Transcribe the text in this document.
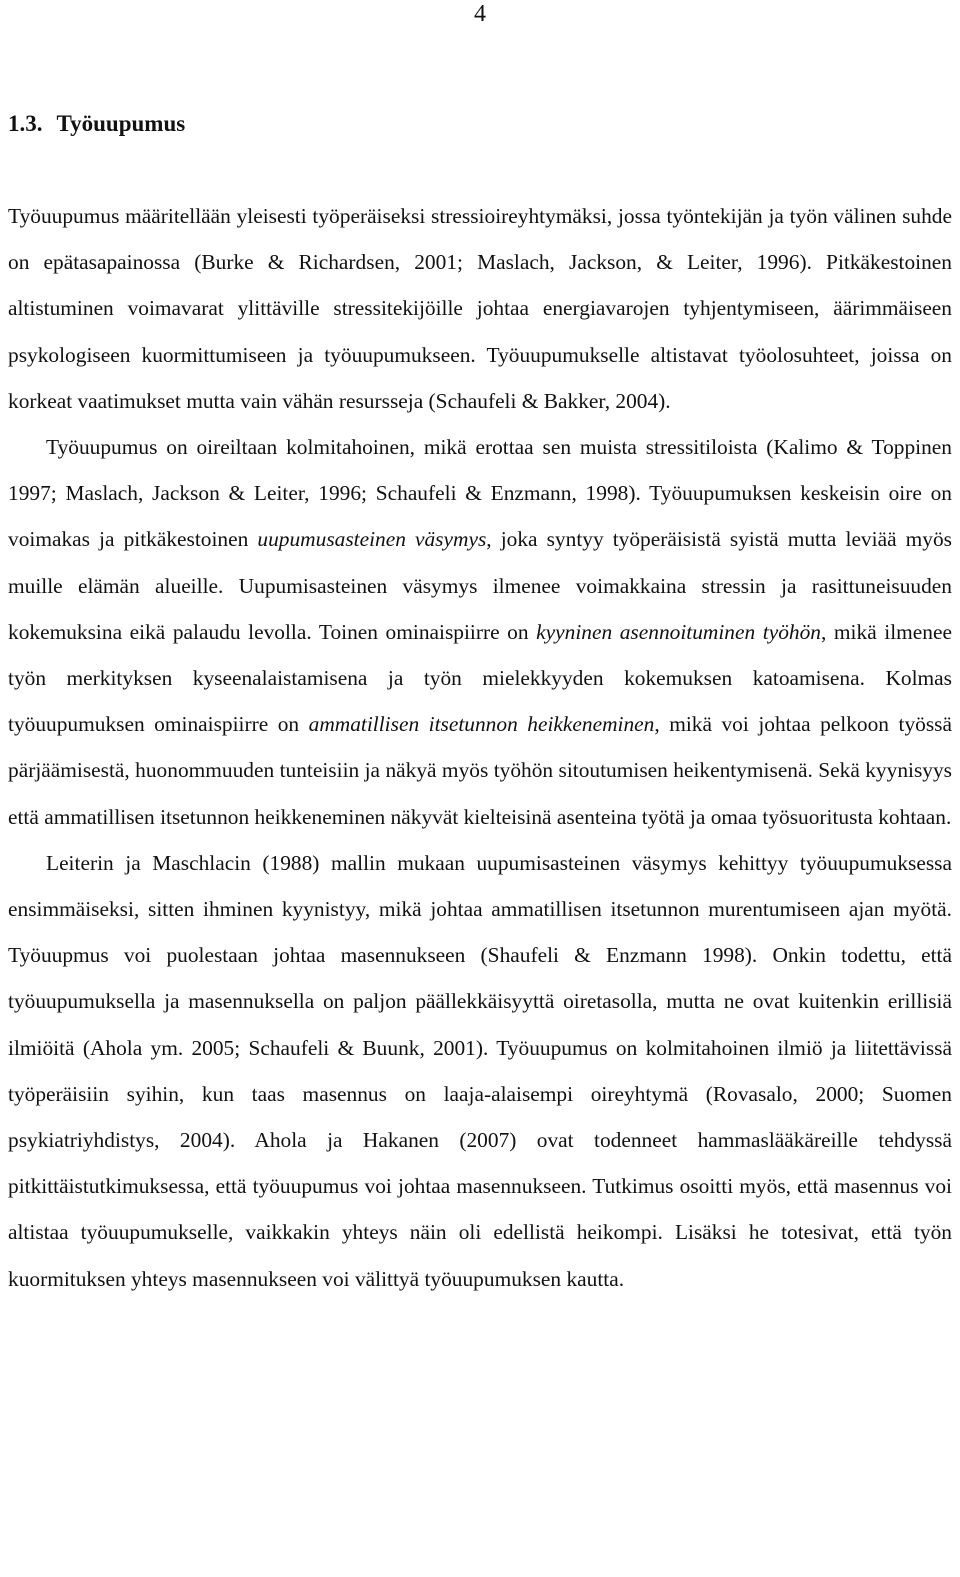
4
1.3. Työuupumus

Työuupumus määritellään yleisesti työperäiseksi stressioireyhtymäksi, jossa työntekijän ja työn välinen suhde on epätasapainossa (Burke & Richardsen, 2001; Maslach, Jackson, & Leiter, 1996). Pitkäkestoinen altistuminen voimavarat ylittäville stressitekijöille johtaa energiavarojen tyhjentymiseen, äärimmäiseen psykologiseen kuormittumiseen ja työuupumukseen. Työuupumukselle altistavat työolosuhteet, joissa on korkeat vaatimukset mutta vain vähän resursseja (Schaufeli & Bakker, 2004).

Työuupumus on oireiltaan kolmitahoinen, mikä erottaa sen muista stressitiloista (Kalimo & Toppinen 1997; Maslach, Jackson & Leiter, 1996; Schaufeli & Enzmann, 1998). Työuupumuksen keskeisin oire on voimakas ja pitkäkestoinen uupumusasteinen väsymys, joka syntyy työperäisistä syistä mutta leviää myös muille elämän alueille. Uupumisasteinen väsymys ilmenee voimakkaina stressin ja rasittuneisuuden kokemuksina eikä palaudu levolla. Toinen ominaispiirre on kyyninen asennoituminen työhön, mikä ilmenee työn merkityksen kyseenalaistamisena ja työn mielekkyyden kokemuksen katoamisena. Kolmas työuupumuksen ominaispiirre on ammatillisen itsetunnon heikkeneminen, mikä voi johtaa pelkoon työssä pärjäämisestä, huonommuuden tunteisiin ja näkyä myös työhön sitoutumisen heikentymisenä. Sekä kyynisyys että ammatillisen itsetunnon heikkeneminen näkyvät kielteisinä asenteina työtä ja omaa työsuoritusta kohtaan.

Leiterin ja Maschlacin (1988) mallin mukaan uupumisasteinen väsymys kehittyy työuupumuksessa ensimmäiseksi, sitten ihminen kyynistyy, mikä johtaa ammatillisen itsetunnon murentumiseen ajan myötä. Työuupmus voi puolestaan johtaa masennukseen (Shaufeli & Enzmann 1998). Onkin todettu, että työuupumuksella ja masennuksella on paljon päällekkäisyyttä oiretasolla, mutta ne ovat kuitenkin erillisiä ilmiöitä (Ahola ym. 2005; Schaufeli & Buunk, 2001). Työuupumus on kolmitahoinen ilmiö ja liitettävissä työperäisiin syihin, kun taas masennus on laaja-alaisempi oireyhtymä (Rovasalo, 2000; Suomen psykiatriyhdistys, 2004). Ahola ja Hakanen (2007) ovat todenneet hammaslääkäreille tehdyssä pitkittäistutkimuksessa, että työuupumus voi johtaa masennukseen. Tutkimus osoitti myös, että masennus voi altistaa työuupumukselle, vaikkakin yhteys näin oli edellistä heikompi. Lisäksi he totesivat, että työn kuormituksen yhteys masennukseen voi välittyä työuupumuksen kautta.
